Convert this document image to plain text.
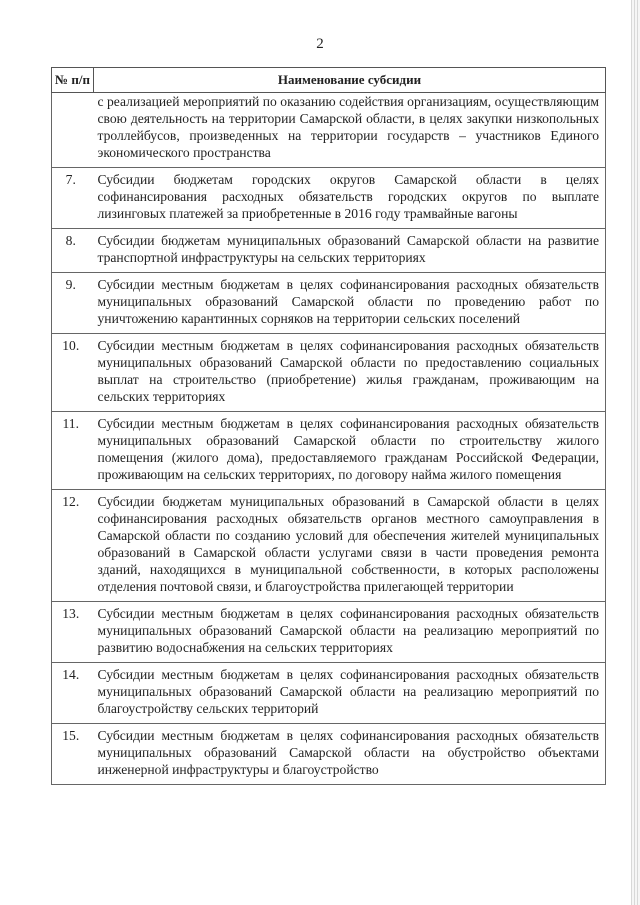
2
№ п/п	Наименование субсидии
	с реализацией мероприятий по оказанию содействия организациям, осуществляющим свою деятельность на территории Самарской области, в целях закупки низкопольных троллейбусов, произведенных на территории государств – участников Единого экономического пространства
7.	Субсидии бюджетам городских округов Самарской области в целях софинансирования расходных обязательств городских округов по выплате лизинговых платежей за приобретенные в 2016 году трамвайные вагоны
8.	Субсидии бюджетам муниципальных образований Самарской области на развитие транспортной инфраструктуры на сельских территориях
9.	Субсидии местным бюджетам в целях софинансирования расходных обязательств муниципальных образований Самарской области по проведению работ по уничтожению карантинных сорняков на территории сельских поселений
10.	Субсидии местным бюджетам в целях софинансирования расходных обязательств муниципальных образований Самарской области по предоставлению социальных выплат на строительство (приобретение) жилья гражданам, проживающим на сельских территориях
11.	Субсидии местным бюджетам в целях софинансирования расходных обязательств муниципальных образований Самарской области по строительству жилого помещения (жилого дома), предоставляемого гражданам Российской Федерации, проживающим на сельских территориях, по договору найма жилого помещения
12.	Субсидии бюджетам муниципальных образований в Самарской области в целях софинансирования расходных обязательств органов местного самоуправления в Самарской области по созданию условий для обеспечения жителей муниципальных образований в Самарской области услугами связи в части проведения ремонта зданий, находящихся в муниципальной собственности, в которых расположены отделения почтовой связи, и благоустройства прилегающей территории
13.	Субсидии местным бюджетам в целях софинансирования расходных обязательств муниципальных образований Самарской области на реализацию мероприятий по развитию водоснабжения на сельских территориях
14.	Субсидии местным бюджетам в целях софинансирования расходных обязательств муниципальных образований Самарской области на реализацию мероприятий по благоустройству сельских территорий
15.	Субсидии местным бюджетам в целях софинансирования расходных обязательств муниципальных образований Самарской области на обустройство объектами инженерной инфраструктуры и благоустройство
